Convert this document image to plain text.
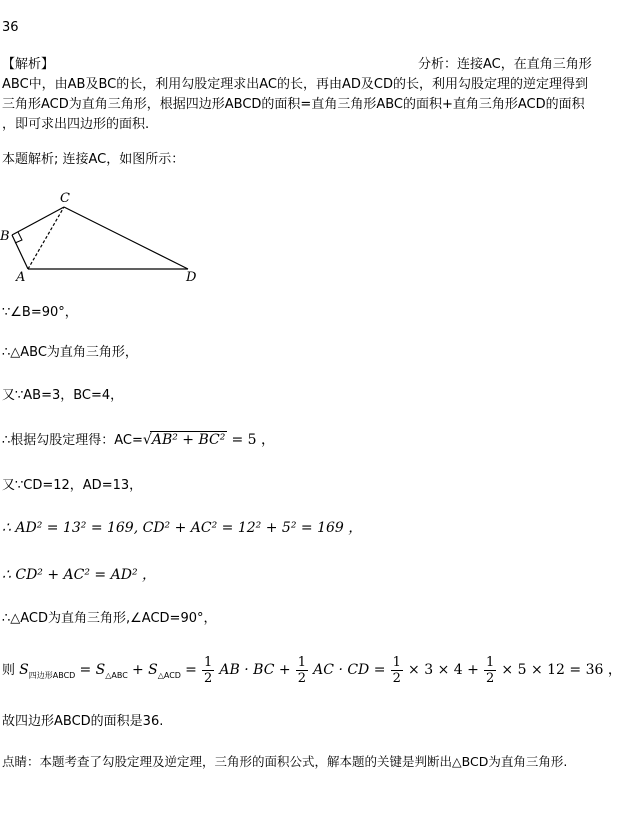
36
【解析】	分析：连接AC，在直角三角形
ABC中，由AB及BC的长，利用勾股定理求出AC的长，再由AD及CD的长，利用勾股定理的逆定理得到
三角形ACD为直角三角形，根据四边形ABCD的面积=直角三角形ABC的面积+直角三角形ACD的面积
，即可求出四边形的面积.
本题解析; 连接AC，如图所示：
C
B
A	D
∵∠B=90°，
∴△ABC为直角三角形，
又∵AB=3，BC=4，
∴根据勾股定理得：AC=√AB² + BC² = 5 ，
又∵CD=12，AD=13，
∴ AD² = 13² = 169, CD² + AC² = 12² + 5² = 169 ，
∴ CD² + AC² = AD² ，
∴△ACD为直角三角形,∠ACD=90°，
则 $S_{四边形ABCD} = S_{\triangle ABC} + S_{\triangle ACD} = \frac{1}{2}$ AB · BC + $\frac{1}{2}$ AC · CD = $\frac{1}{2} \times 3 \times 4 + \frac{1}{2} \times 5 \times 12 = 36$ ，
故四边形ABCD的面积是36.
点睛：本题考查了勾股定理及逆定理，三角形的面积公式，解本题的关键是判断出△BCD为直角三角形.
